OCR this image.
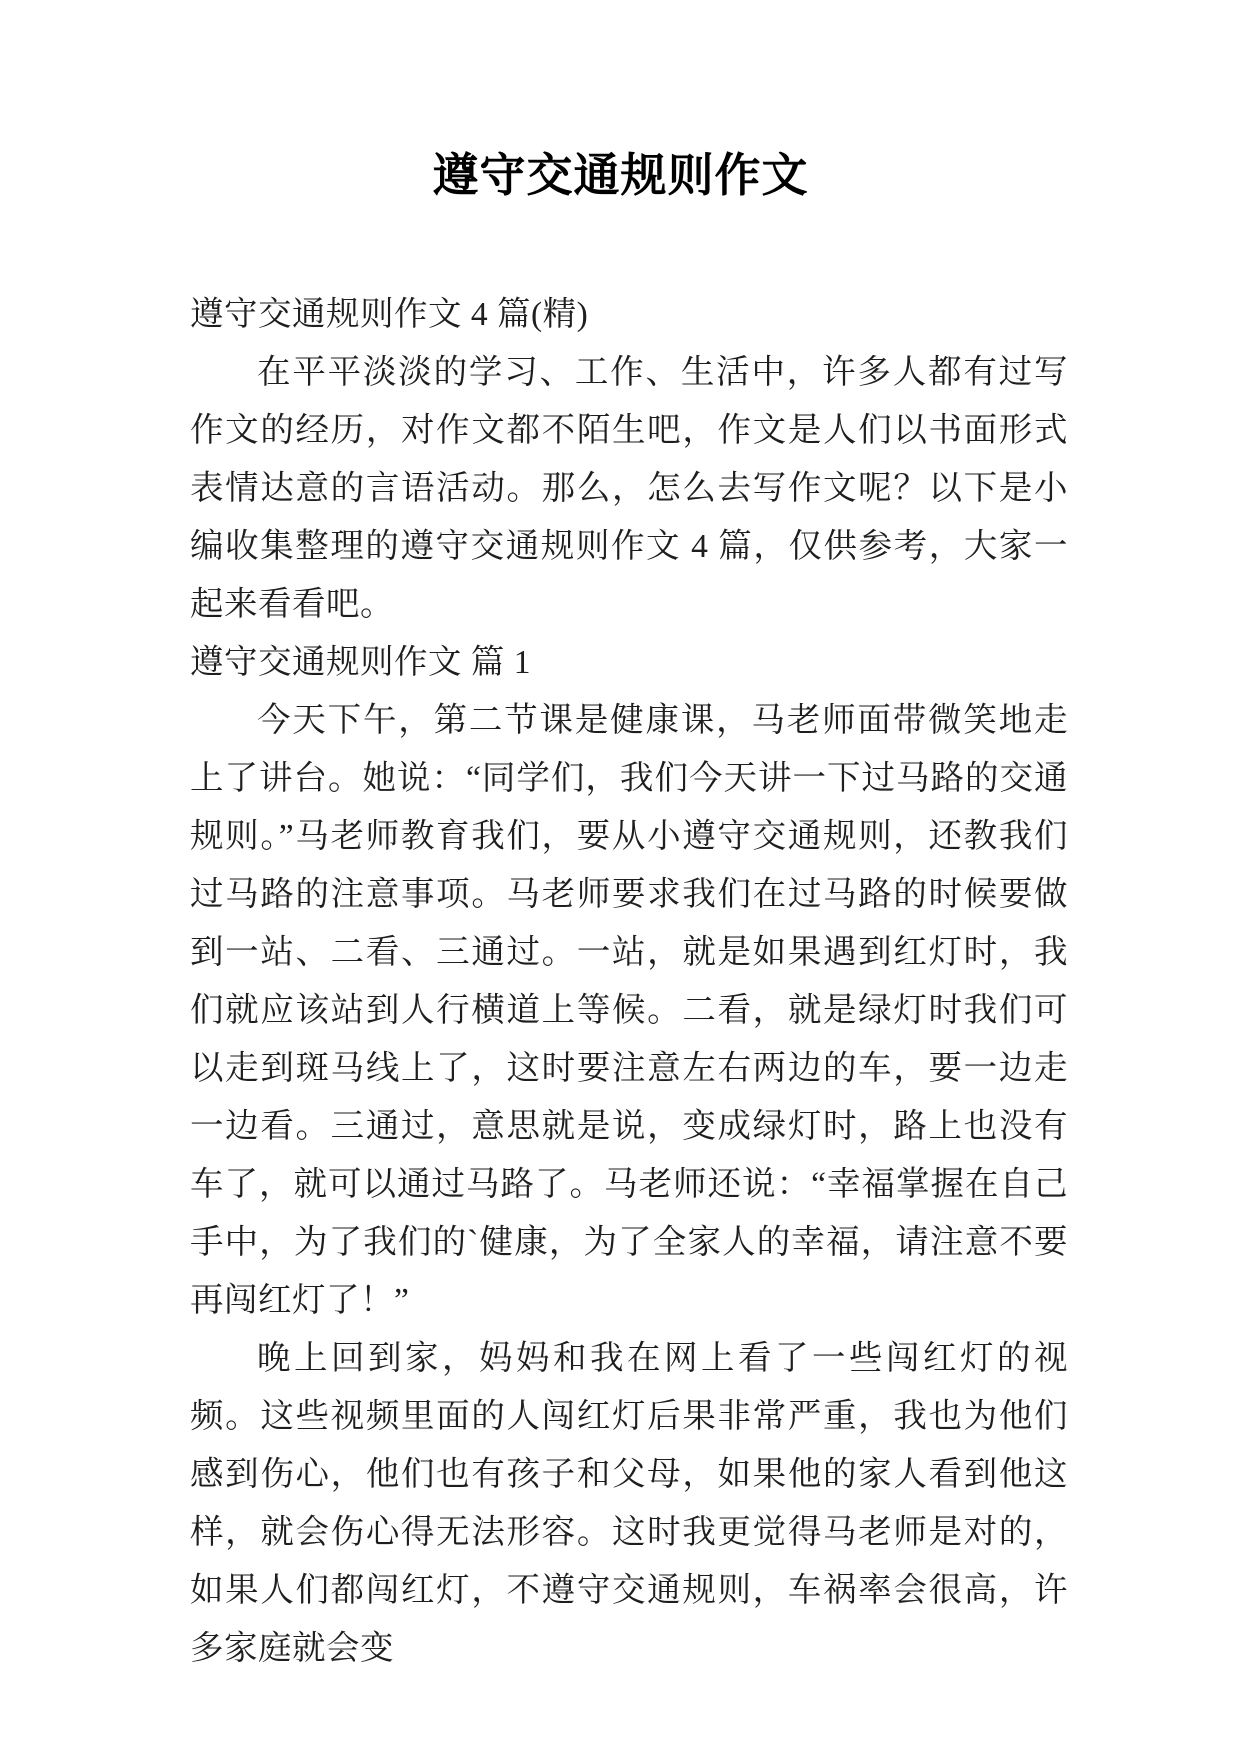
遵守交通规则作文

遵守交通规则作文 4 篇(精)

在平平淡淡的学习、工作、生活中，许多人都有过写作文的经历，对作文都不陌生吧，作文是人们以书面形式表情达意的言语活动。那么，怎么去写作文呢？以下是小编收集整理的遵守交通规则作文 4 篇，仅供参考，大家一起来看看吧。

遵守交通规则作文 篇 1

今天下午，第二节课是健康课，马老师面带微笑地走上了讲台。她说：“同学们，我们今天讲一下过马路的交通规则。”马老师教育我们，要从小遵守交通规则，还教我们过马路的注意事项。马老师要求我们在过马路的时候要做到一站、二看、三通过。一站，就是如果遇到红灯时，我们就应该站到人行横道上等候。二看，就是绿灯时我们可以走到斑马线上了，这时要注意左右两边的车，要一边走一边看。三通过，意思就是说，变成绿灯时，路上也没有车了，就可以通过马路了。马老师还说：“幸福掌握在自己手中，为了我们的`健康，为了全家人的幸福，请注意不要再闯红灯了！”

晚上回到家，妈妈和我在网上看了一些闯红灯的视频。这些视频里面的人闯红灯后果非常严重，我也为他们感到伤心，他们也有孩子和父母，如果他的家人看到他这样，就会伤心得无法形容。这时我更觉得马老师是对的，如果人们都闯红灯，不遵守交通规则，车祸率会很高，许多家庭就会变
